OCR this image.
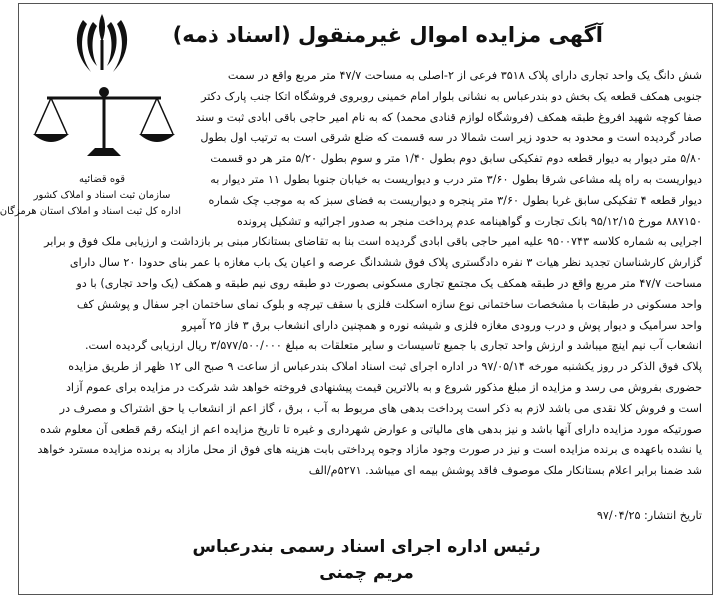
قوه قضائیه
سازمان ثبت اسناد و املاک کشور
اداره کل ثبت اسناد و املاک استان هرمزگان
آگهی مزایده اموال غیرمنقول (اسناد ذمه)
شش دانگ یک واحد تجاری دارای پلاک ۳۵۱۸ فرعی از ۲-اصلی به مساحت ۴۷/۷ متر مربع واقع در سمت
جنوبی همکف قطعه یک بخش دو بندرعباس به نشانی بلوار امام خمینی روبروی فروشگاه اتکا جنب پارک دکتر
صفا کوچه شهید افروغ طبقه همکف (فروشگاه لوازم قنادی محمد) که به نام امیر حاجی باقی ابادی ثبت و سند
صادر گردیده است و محدود به حدود زیر است شمالا در سه قسمت که ضلع شرقی است به ترتیب اول بطول
۵/۸۰ متر دیوار به دیوار قطعه دوم تفکیکی سابق دوم بطول ۱/۴۰ متر و سوم بطول ۵/۲۰ متر هر دو قسمت
دیواریست به راه پله مشاعی شرقا بطول ۳/۶۰ متر درب و دیواریست به خیابان جنوبا بطول ۱۱ متر دیوار به
دیوار قطعه ۴ تفکیکی سابق غربا بطول ۳/۶۰ متر پنجره و دیواریست به فضای سبز که به موجب چک شماره
۸۸۷۱۵۰ مورخ ۹۵/۱۲/۱۵ بانک تجارت و گواهینامه عدم پرداخت منجر به صدور اجرائیه و تشکیل پرونده
اجرایی به شماره کلاسه ۹۵۰۰۷۴۳ علیه امیر حاجی باقی ابادی گردیده است بنا به تقاضای بستانکار مبنی بر بازداشت و ارزیابی ملک فوق و برابر
گزارش کارشناسان تجدید نظر هیات ۳ نفره دادگستری پلاک فوق ششدانگ عرصه و اعیان یک باب مغازه با عمر بنای حدودا ۲۰ سال دارای
مساحت ۴۷/۷ متر مربع واقع در طبقه همکف یک مجتمع تجاری مسکونی بصورت دو طبقه روی نیم طبقه و همکف (یک واحد تجاری) با دو
واحد مسکونی در طبقات با مشخصات ساختمانی نوع سازه اسکلت فلزی با سقف تیرچه و بلوک نمای ساختمان اجر سفال و پوشش کف
واحد سرامیک و دیوار پوش و درب ورودی مغازه فلزی و شیشه نوره و همچنین دارای انشعاب برق ۳ فاز ۲۵ آمپرو
انشعاب آب نیم اینچ میباشد و ارزش واحد تجاری با جمیع تاسیسات و سایر متعلقات به مبلغ ۳/۵۷۷/۵۰۰/۰۰۰ ریال ارزیابی گردیده است.
پلاک فوق الذکر در روز یکشنبه مورخه ۹۷/۰۵/۱۴ در اداره اجرای ثبت اسناد املاک بندرعباس از ساعت ۹ صبح الی ۱۲ ظهر از طریق مزایده
حضوری بفروش می رسد و مزایده از مبلغ مذکور شروع و به بالاترین قیمت پیشنهادی فروخته خواهد شد شرکت در مزایده برای عموم آزاد
است و فروش کلا نقدی می باشد لازم به ذکر است پرداخت بدهی های مربوط به آب ، برق ، گاز اعم از انشعاب یا حق اشتراک و مصرف در
صورتیکه مورد مزایده دارای آنها باشد و نیز بدهی های مالیاتی و عوارض شهرداری و غیره تا تاریخ مزایده اعم از اینکه رقم قطعی آن معلوم شده
یا نشده باعهده ی برنده مزایده است و نیز در صورت وجود مازاد وجوه پرداختی بابت هزینه های فوق از محل مازاد به برنده مزایده مسترد خواهد
شد ضمنا برابر اعلام بستانکار ملک موصوف فاقد پوشش بیمه ای میباشد. ۵۲۷۱م/الف
تاریخ انتشار: ۹۷/۰۴/۲۵
رئیس اداره اجرای اسناد رسمی بندرعباس
مریم چمنی
